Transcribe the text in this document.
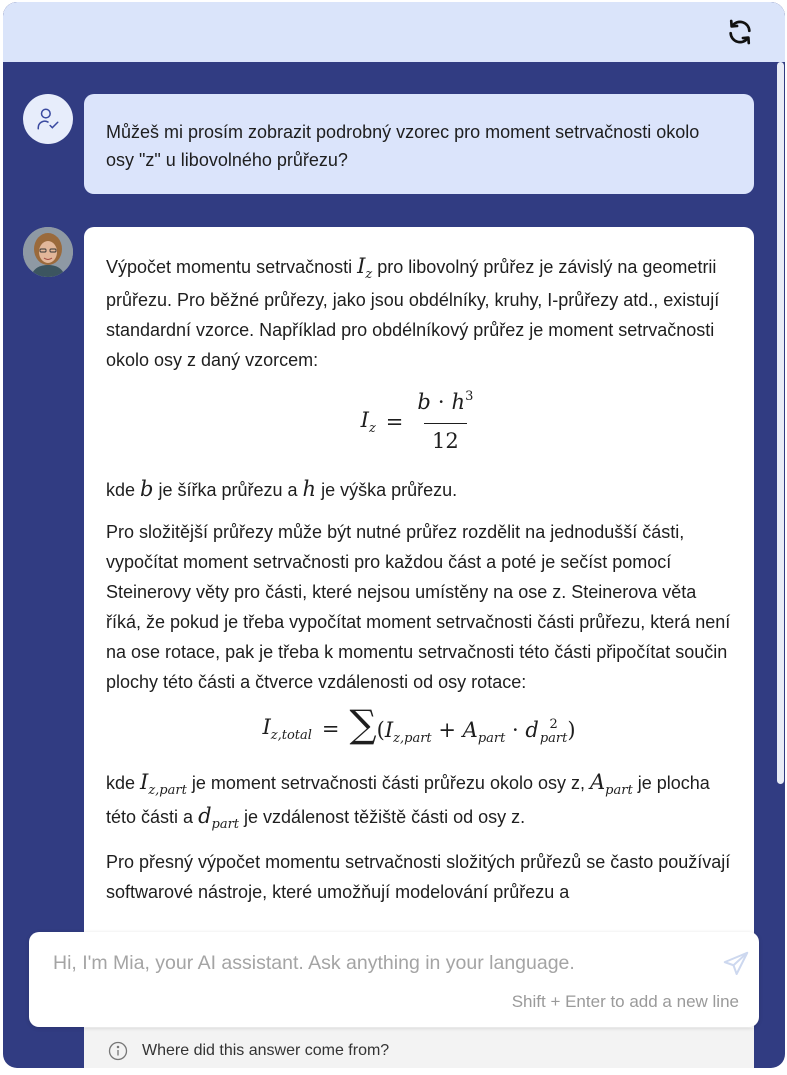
Můžeš mi prosím zobrazit podrobný vzorec pro moment setrvačnosti okolo osy "z" u libovolného průřezu?

Výpočet momentu setrvačnosti $I_z$ pro libovolný průřez je závislý na geometrii průřezu. Pro běžné průřezy, jako jsou obdélníky, kruhy, I-průřezy atd., existují standardní vzorce. Například pro obdélníkový průřez je moment setrvačnosti okolo osy z daný vzorcem:

$I_z = \frac{b \cdot h^3}{12}$

kde b je šířka průřezu a h je výška průřezu.

Pro složitější průřezy může být nutné průřez rozdělit na jednodušší části, vypočítat moment setrvačnosti pro každou část a poté je sečíst pomocí Steinerovy věty pro části, které nejsou umístěny na ose z. Steinerova věta říká, že pokud je třeba vypočítat moment setrvačnosti části průřezu, která není na ose rotace, pak je třeba k momentu setrvačnosti této části připočítat součin plochy této části a čtverce vzdálenosti od osy rotace:

$I_{z,total} = \sum(I_{z,part} + A_{part} \cdot d$ 2
part )

kde $I_{z,part}$ je moment setrvačnosti části průřezu okolo osy z, $A_{part}$ je plocha této části a $d_{part}$ je vzdálenost těžiště části od osy z.

Pro přesný výpočet momentu setrvačnosti složitých průřezů se často používají softwarové nástroje, které umožňují modelování průřezu a

Where did this answer come from?
Hi, I'm Mia, your AI assistant. Ask anything in your language.
Shift + Enter to add a new line
